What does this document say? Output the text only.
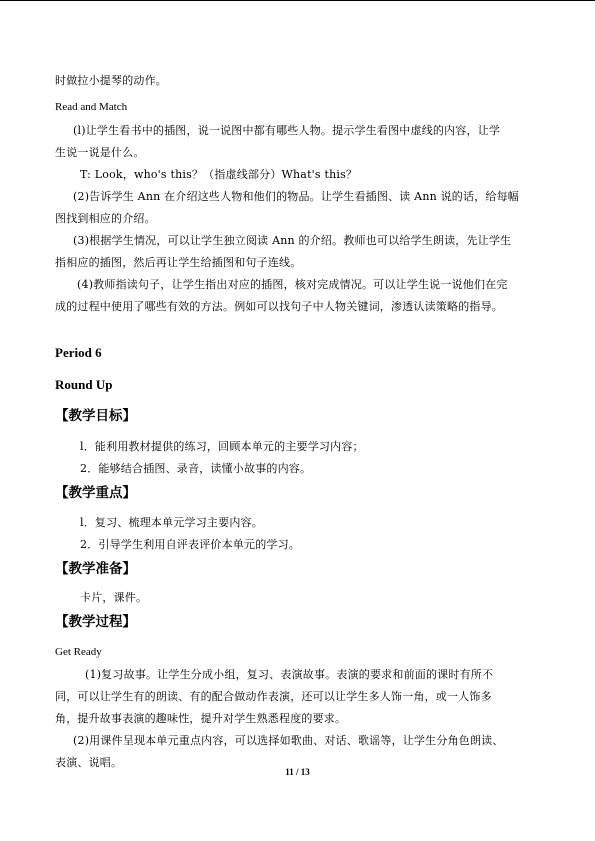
时做拉小提琴的动作。
Read and Match
(l)让学生看书中的插图，说一说图中都有哪些人物。提示学生看图中虚线的内容，让学
生说一说是什么。
T: Look，who's this？（指虚线部分）What's this？
(2)告诉学生 Ann 在介绍这些人物和他们的物品。让学生看插图、读 Ann 说的话，给每幅
图找到相应的介绍。
(3)根据学生情况，可以让学生独立阅读 Ann 的介绍。教师也可以给学生朗读，先让学生
指相应的插图，然后再让学生给插图和句子连线。
(4)教师指读句子，让学生指出对应的插图，核对完成情况。可以让学生说一说他们在完
成的过程中使用了哪些有效的方法。例如可以找句子中人物关键词，渗透认读策略的指导。
Period 6
Round Up
【教学目标】
l．能利用教材提供的练习，回顾本单元的主要学习内容；
2．能够结合插图、录音，读懂小故事的内容。
【教学重点】
l．复习、梳理本单元学习主要内容。
2．引导学生利用自评表评价本单元的学习。
【教学准备】
卡片，课件。
【教学过程】
Get Ready
(1)复习故事。让学生分成小组，复习、表演故事。表演的要求和前面的课时有所不
同，可以让学生有的朗读、有的配合做动作表演，还可以让学生多人饰一角，或一人饰多
角，提升故事表演的趣味性，提升对学生熟悉程度的要求。
(2)用课件呈现本单元重点内容，可以选择如歌曲、对话、歌谣等，让学生分角色朗读、
表演、说唱。
11 / 13
